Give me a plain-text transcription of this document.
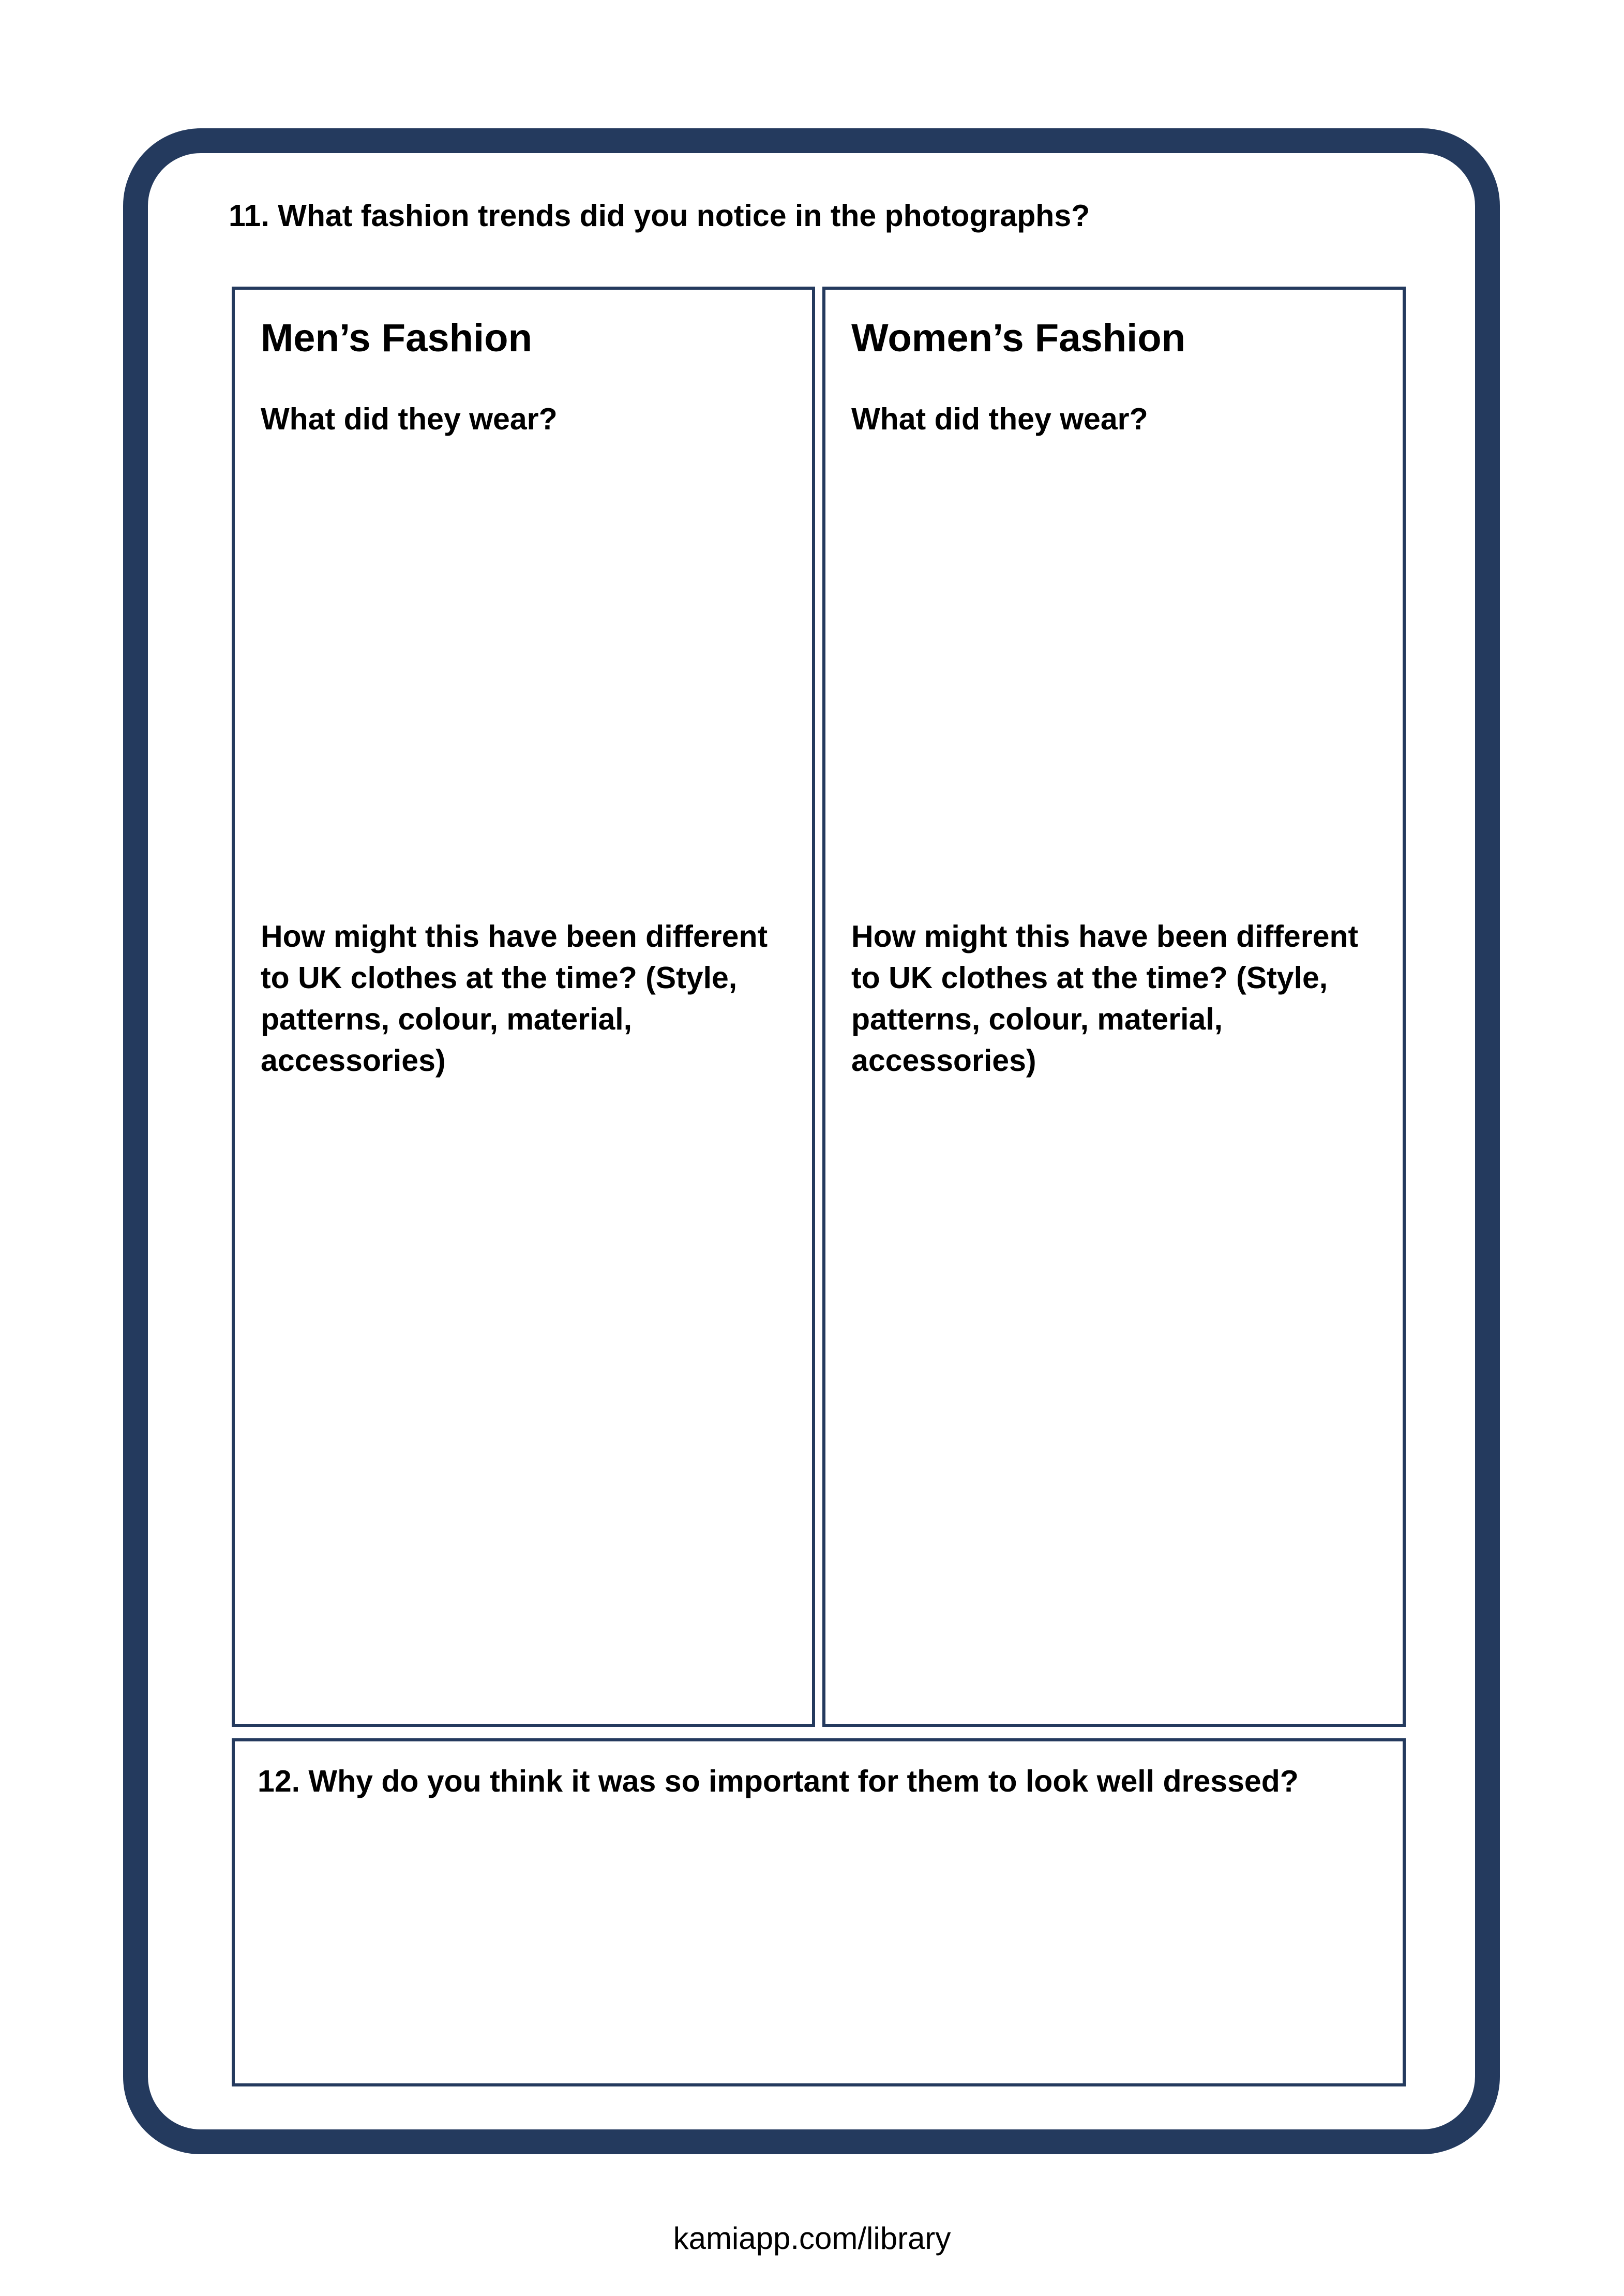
11. What fashion trends did you notice in the photographs?
Men’s Fashion
What did they wear?
How might this have been different
to UK clothes at the time? (Style,
patterns, colour, material,
accessories)
Women’s Fashion
What did they wear?
How might this have been different
to UK clothes at the time? (Style,
patterns, colour, material,
accessories)
12. Why do you think it was so important for them to look well dressed?
kamiapp.com/library
